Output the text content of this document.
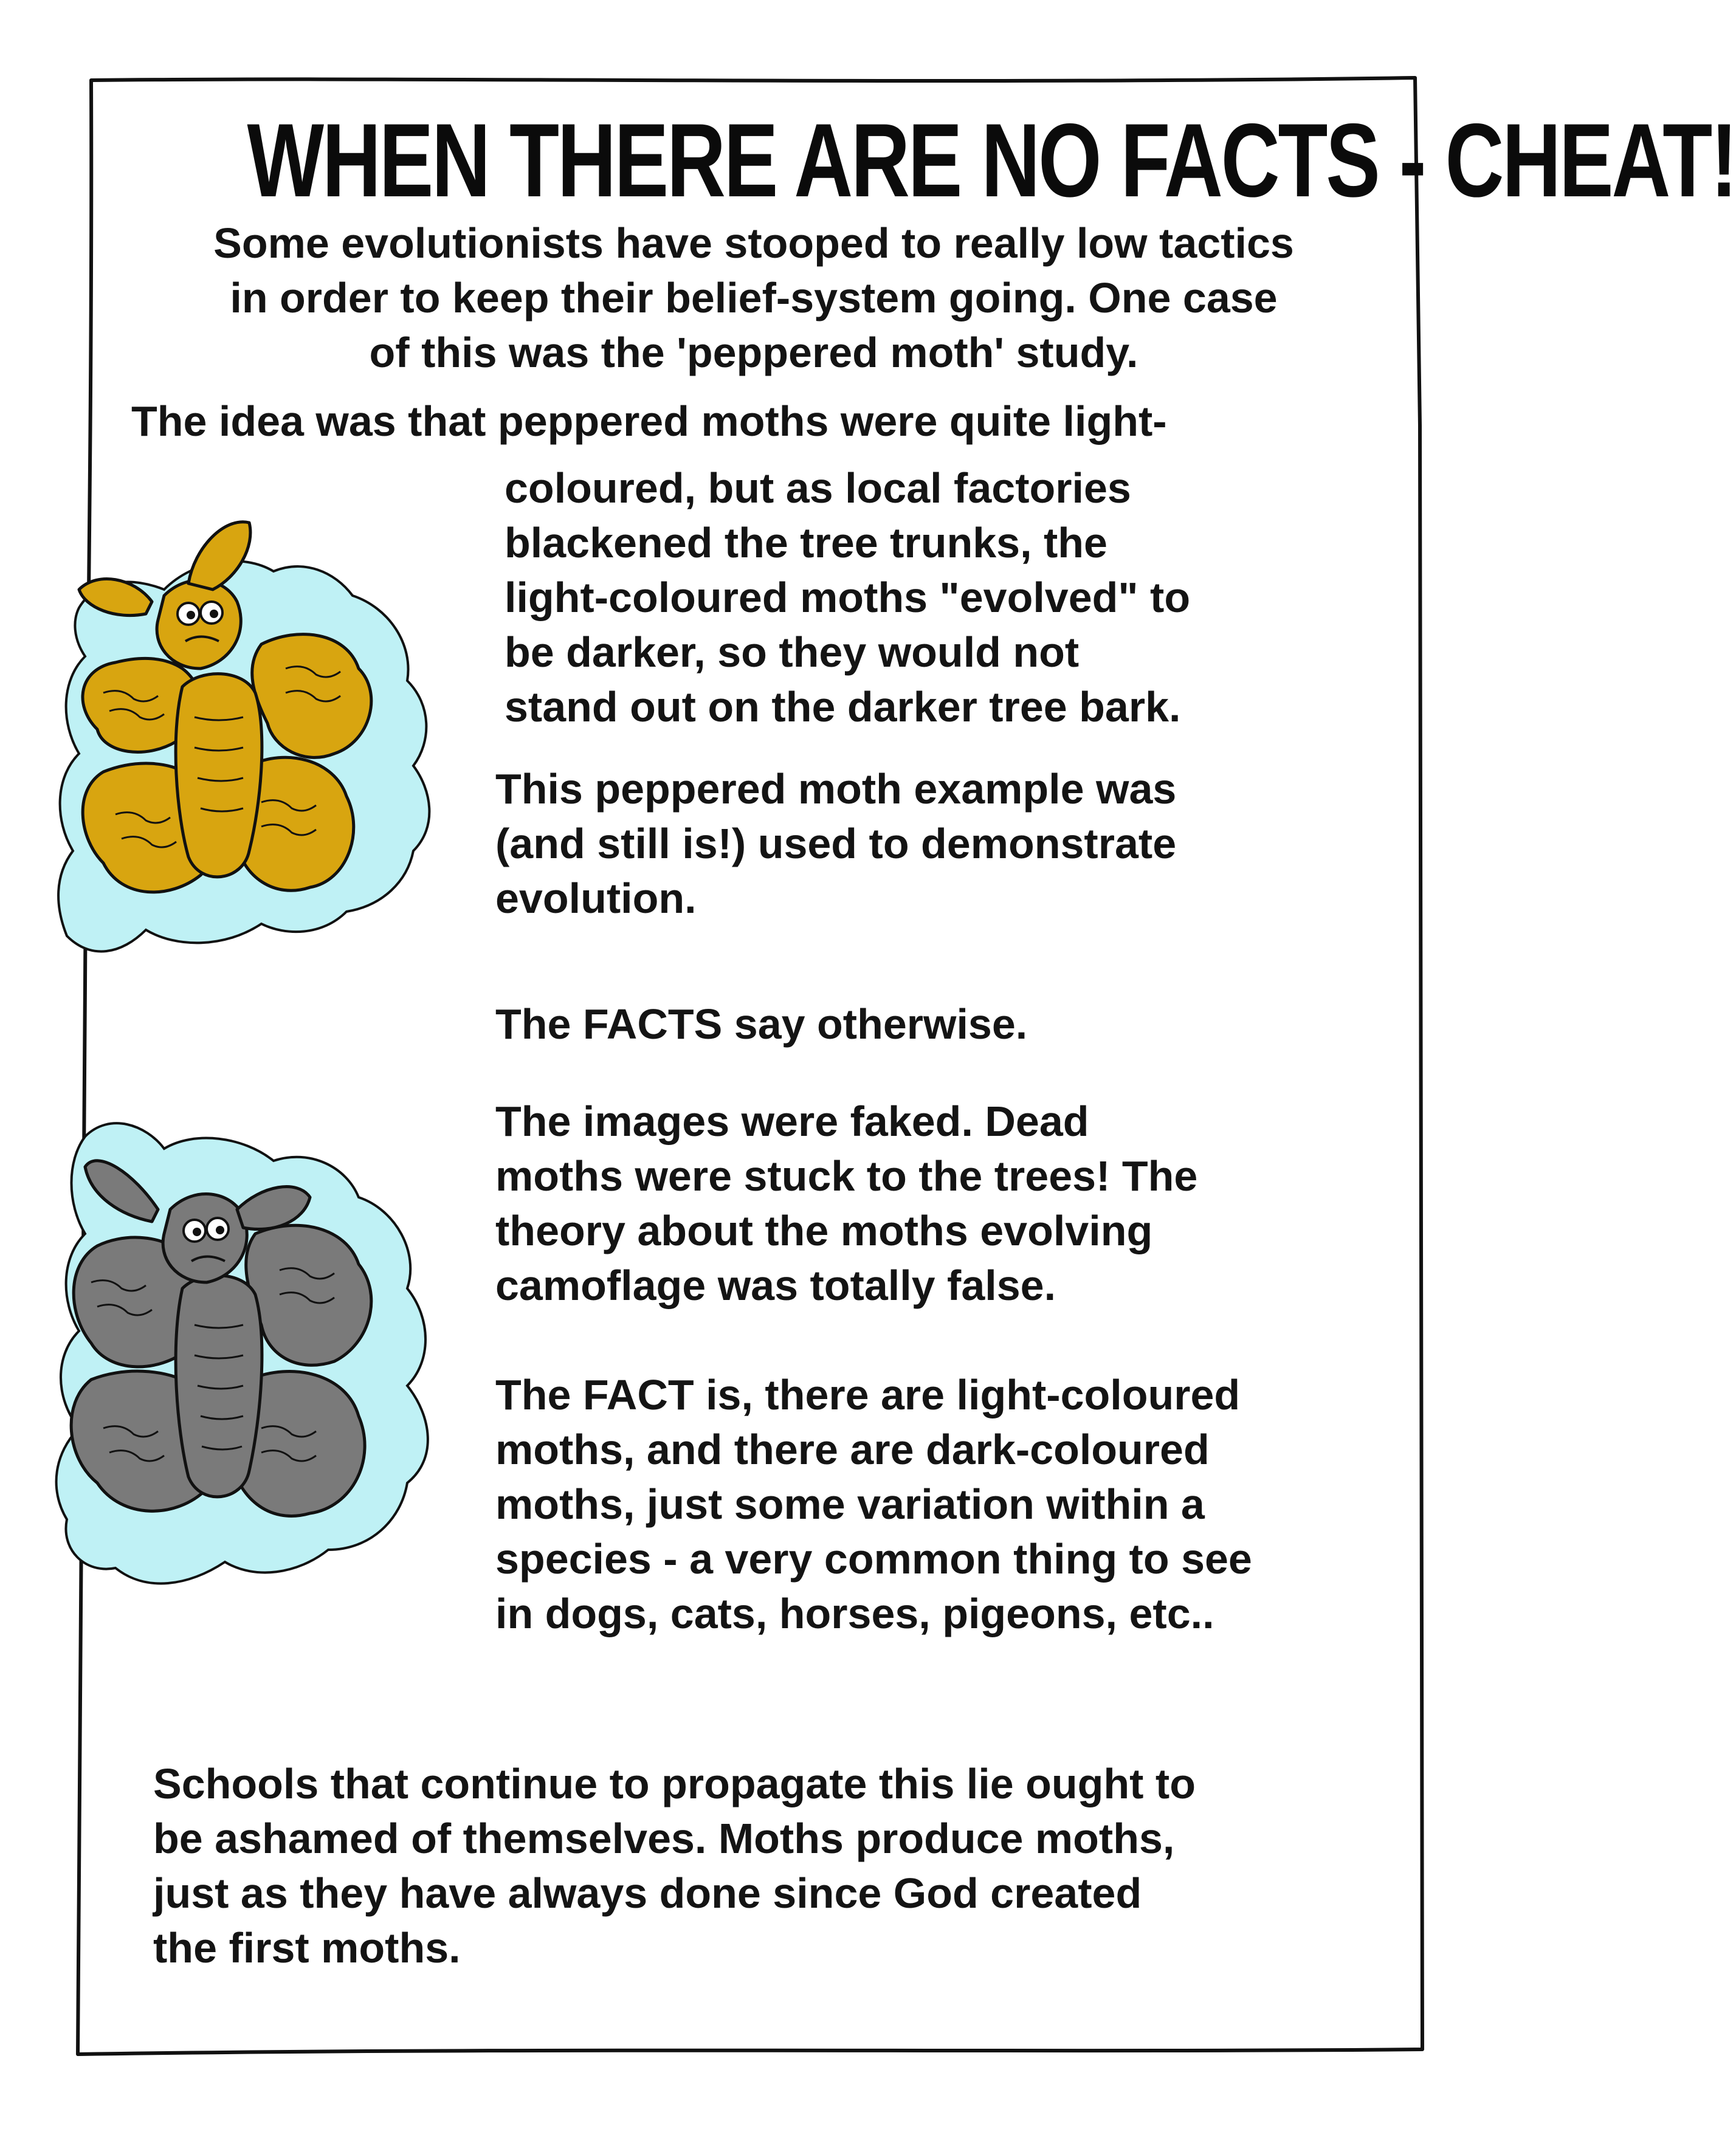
WHEN THERE ARE NO FACTS - CHEAT!
Some evolutionists have stooped to really low tactics
in order to keep their belief-system going. One case
of this was the 'peppered moth' study.
The idea was that peppered moths were quite light-
coloured, but as local factories
blackened the tree trunks, the
light-coloured moths "evolved" to
be darker, so they would not
stand out on the darker tree bark.
This peppered moth example was
(and still is!) used to demonstrate
evolution.
The FACTS say otherwise.
The images were faked. Dead
moths were stuck to the trees! The
theory about the moths evolving
camoflage was totally false.
The FACT is, there are light-coloured
moths, and there are dark-coloured
moths, just some variation within a
species - a very common thing to see
in dogs, cats, horses, pigeons, etc..
Schools that continue to propagate this lie ought to
be ashamed of themselves. Moths produce moths,
just as they have always done since God created
the first moths.
